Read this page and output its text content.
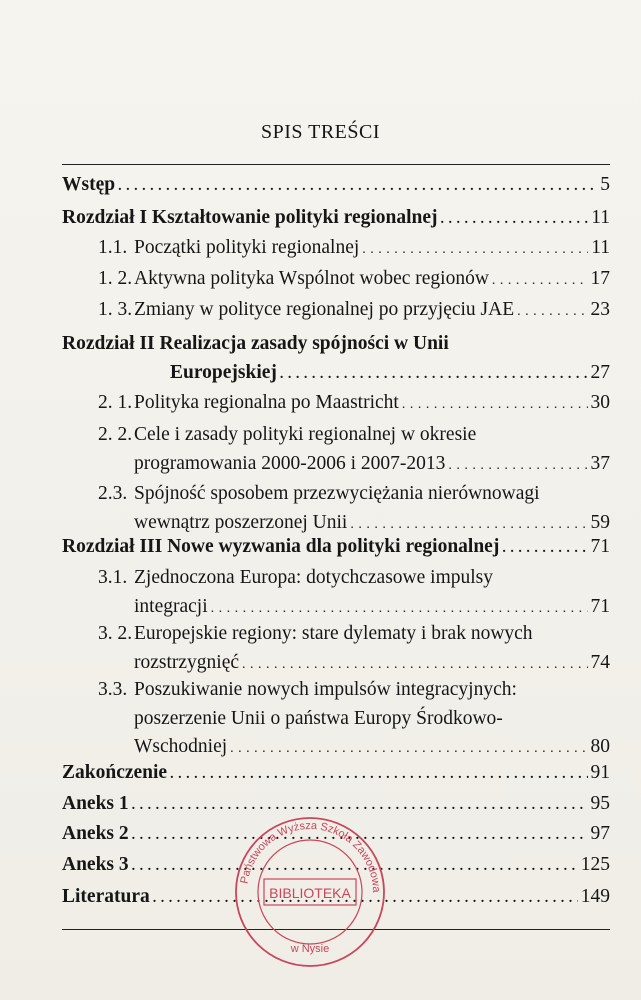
SPIS TREŚCI
Wstęp . . .	5
Rozdział I Kształtowanie polityki regionalnej . . .	11
1.1. Początki polityki regionalnej . . .	11
1. 2. Aktywna polityka Wspólnot wobec regionów . . .	17
1. 3. Zmiany w polityce regionalnej po przyjęciu JAE . . .	23
Rozdział II Realizacja zasady spójności w Unii
Europejskiej . . .	27
2. 1. Polityka regionalna po Maastricht . . .	30
2. 2. Cele i zasady polityki regionalnej w okresie
programowania 2000-2006 i 2007-2013 . . .	37
2.3. Spójność sposobem przezwyciężania nierównowagi
wewnątrz poszerzonej Unii . . .	59
Rozdział III Nowe wyzwania dla polityki regionalnej . . .	71
3.1. Zjednoczona Europa: dotychczasowe impulsy
integracji . . .	71
3. 2. Europejskie regiony: stare dylematy i brak nowych
rozstrzygnięć . . .	74
3.3. Poszukiwanie nowych impulsów integracyjnych:
poszerzenie Unii o państwa Europy Środkowo-
Wschodniej . . .	80
Zakończenie . . .	91
Aneks 1 . . .	95
Aneks 2 . . .	97
Aneks 3 . . .	125
Literatura . . .	149
Państwowa Wyższa Szkoła Zawodowa
BIBLIOTEKA
w Nysie
